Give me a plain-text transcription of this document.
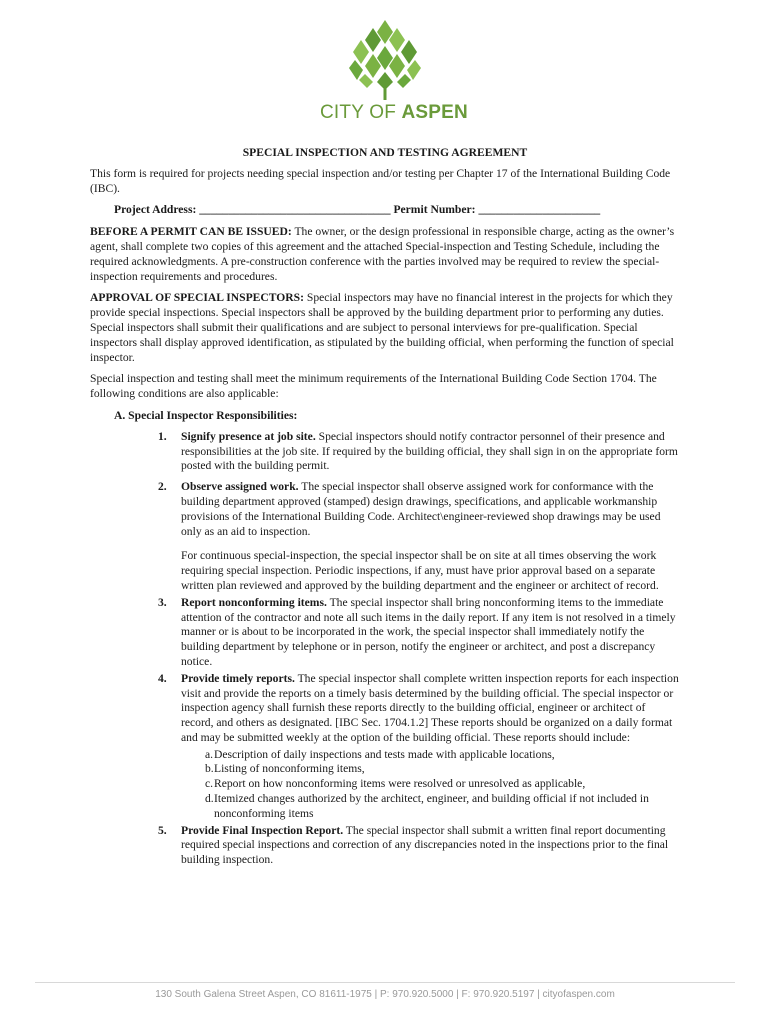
CITY OF ASPEN
SPECIAL INSPECTION AND TESTING AGREEMENT

This form is required for projects needing special inspection and/or testing per Chapter 17 of the International Building Code (IBC).

Project Address: _________________________________ Permit Number: _____________________

BEFORE A PERMIT CAN BE ISSUED: The owner, or the design professional in responsible charge, acting as the owner’s agent, shall complete two copies of this agreement and the attached Special-inspection and Testing Schedule, including the required acknowledgments. A pre-construction conference with the parties involved may be required to review the special-inspection requirements and procedures.

APPROVAL OF SPECIAL INSPECTORS: Special inspectors may have no financial interest in the projects for which they provide special inspections. Special inspectors shall be approved by the building department prior to performing any duties. Special inspectors shall submit their qualifications and are subject to personal interviews for pre-qualification. Special inspectors shall display approved identification, as stipulated by the building official, when performing the function of special inspector.

Special inspection and testing shall meet the minimum requirements of the International Building Code Section 1704. The following conditions are also applicable:

A. Special Inspector Responsibilities:
1. Signify presence at job site. Special inspectors should notify contractor personnel of their presence and responsibilities at the job site. If required by the building official, they shall sign in on the appropriate form posted with the building permit.
2. Observe assigned work. The special inspector shall observe assigned work for conformance with the building department approved (stamped) design drawings, specifications, and applicable workmanship provisions of the International Building Code. Architect\engineer-reviewed shop drawings may be used only as an aid to inspection.
For continuous special-inspection, the special inspector shall be on site at all times observing the work requiring special inspection. Periodic inspections, if any, must have prior approval based on a separate written plan reviewed and approved by the building department and the engineer or architect of record.
3. Report nonconforming items. The special inspector shall bring nonconforming items to the immediate attention of the contractor and note all such items in the daily report. If any item is not resolved in a timely manner or is about to be incorporated in the work, the special inspector shall immediately notify the building department by telephone or in person, notify the engineer or architect, and post a discrepancy notice.
4. Provide timely reports. The special inspector shall complete written inspection reports for each inspection visit and provide the reports on a timely basis determined by the building official. The special inspector or inspection agency shall furnish these reports directly to the building official, engineer or architect of record, and others as designated. [IBC Sec. 1704.1.2] These reports should be organized on a daily format and may be submitted weekly at the option of the building official. These reports should include:
a. Description of daily inspections and tests made with applicable locations,
b. Listing of nonconforming items,
c. Report on how nonconforming items were resolved or unresolved as applicable,
d. Itemized changes authorized by the architect, engineer, and building official if not included in nonconforming items
5. Provide Final Inspection Report. The special inspector shall submit a written final report documenting required special inspections and correction of any discrepancies noted in the inspections prior to the final building inspection.
130 South Galena Street Aspen, CO 81611-1975 | P: 970.920.5000 | F: 970.920.5197 | cityofaspen.com
